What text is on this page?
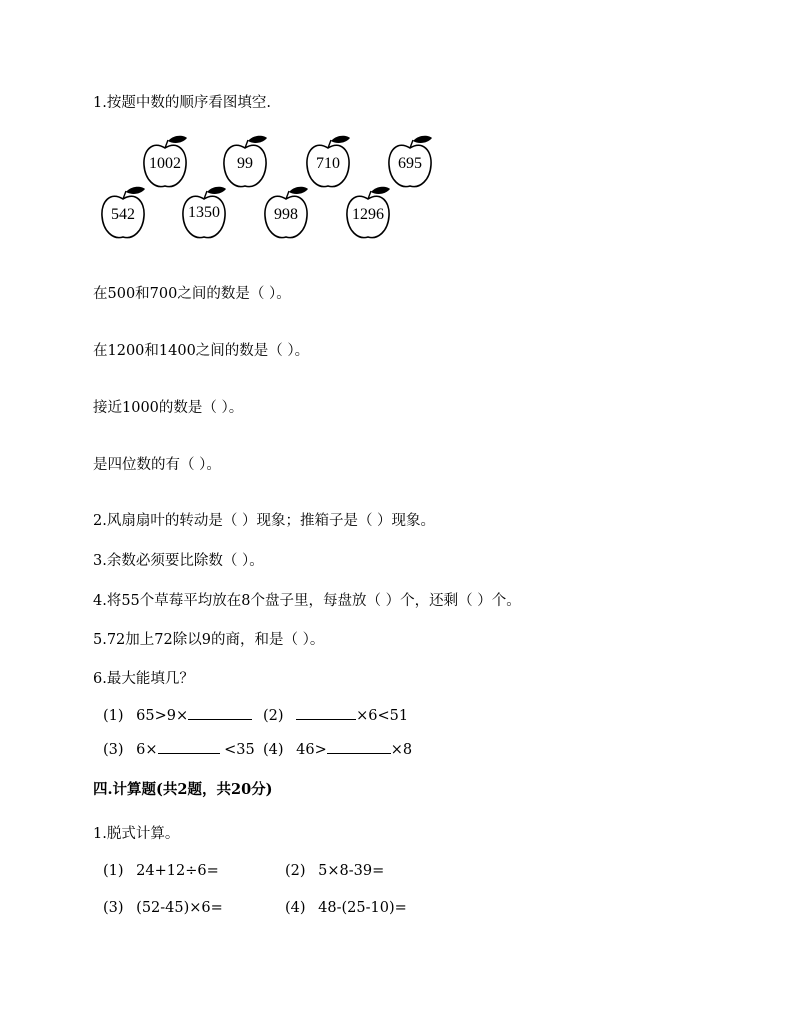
1.按题中数的顺序看图填空.
1002	99	710	695
542	1350	998	1296
在500和700之间的数是（ ）。
在1200和1400之间的数是（ ）。
接近1000的数是（ ）。
是四位数的有（ ）。
2.风扇扇叶的转动是（ ）现象；推箱子是（ ）现象。
3.余数必须要比除数（ ）。
4.将55个草莓平均放在8个盘子里，每盘放（ ）个，还剩（ ）个。
5.72加上72除以9的商，和是（ ）。
6.最大能填几？
(1) 65>9×	(2)	×6<51
(3) 6×	<35 (4) 46>	×8
四.计算题(共2题，共20分)
1.脱式计算。
(1) 24+12÷6=	(2) 5×8-39=
(3) (52-45)×6=	(4) 48-(25-10)=
